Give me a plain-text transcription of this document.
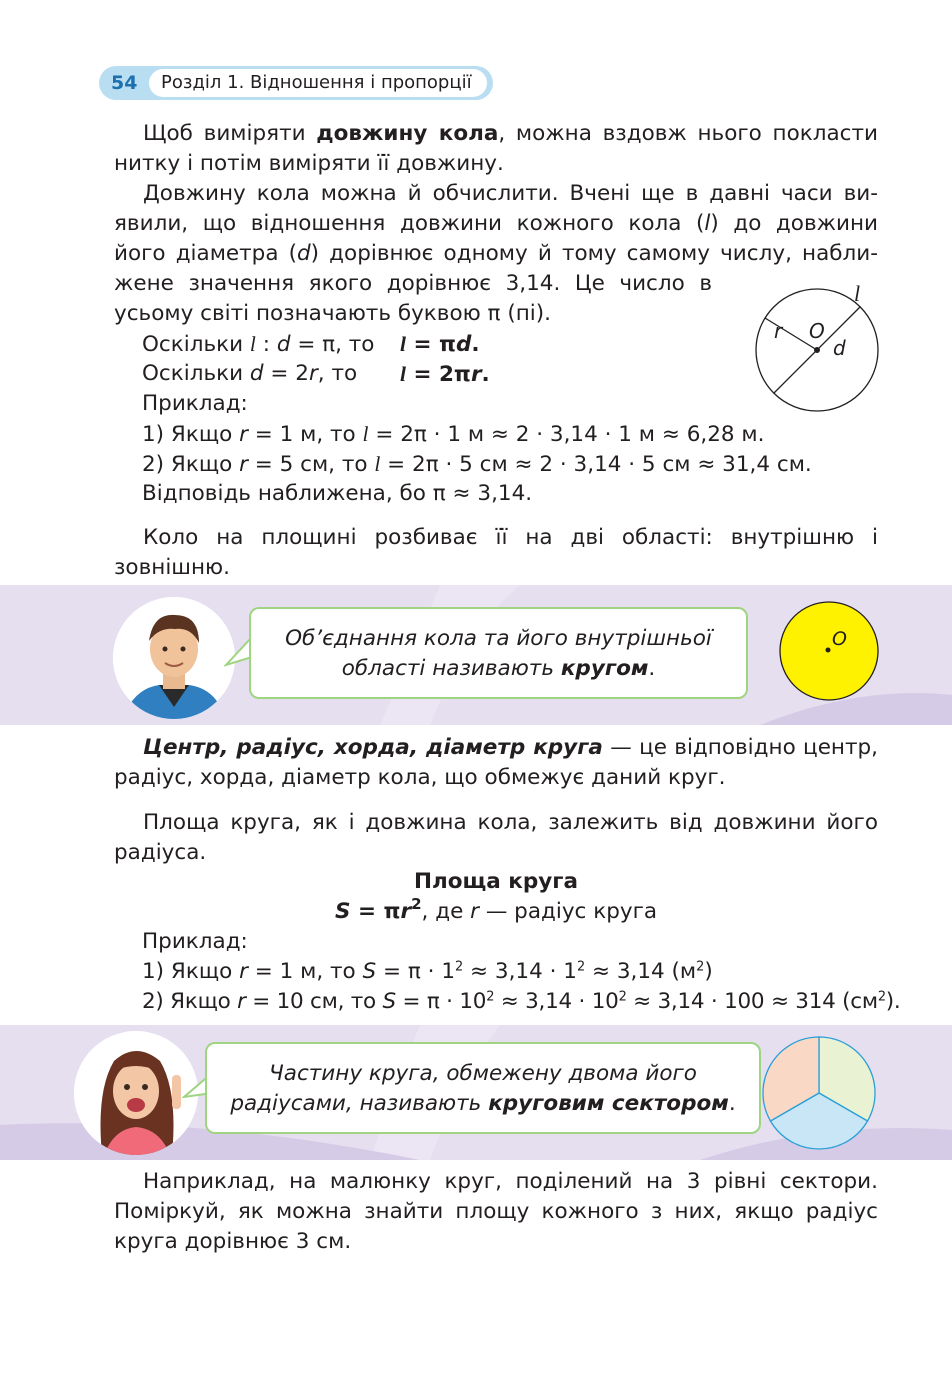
54	Розділ 1. Відношення і пропорції

Щоб виміряти довжину кола, можна вздовж нього покласти нитку і потім виміряти її довжину.

Довжину кола можна й обчислити. Вчені ще в давні часи ви-
явили, що відношення довжини кожного кола (l) до довжини
його діаметра (d) дорівнює одному й тому самому числу, набли-
жене значення якого дорівнює 3,14. Це число в
усьому світі позначають буквою π (пі).
l
r O
d
Оскільки l : d = π, то l = πd.
Оскільки d = 2r, то l = 2πr.
Приклад:
1) Якщо r = 1 м, то l = 2π · 1 м ≈ 2 · 3,14 · 1 м ≈ 6,28 м.
2) Якщо r = 5 см, то l = 2π · 5 см ≈ 2 · 3,14 · 5 см ≈ 31,4 см.
Відповідь наближена, бо π ≈ 3,14.

Коло на площині розбиває її на дві області: внутрішню і зовнішню.

Об’єднання кола та його внутрішньої
області називають кругом.
O

Центр, радіус, хорда, діаметр круга — це відповідно центр, радіус, хорда, діаметр кола, що обмежує даний круг.

Площа круга, як і довжина кола, залежить від довжини його радіуса.

Площа круга
$S = \pi r^2$, де r — радіус круга
Приклад:
1) Якщо r = 1 м, то $S = \pi \cdot 1^2 \approx 3,14 \cdot 1^2 \approx 3,14$ $(м^2)$
2) Якщо r = 10 см, то $S = \pi \cdot 10^2 \approx 3,14 \cdot 10^2 \approx 3,14 \cdot 100 \approx 314$ $(см^2)$.
Частину круга, обмежену двома його
радіусами, називають круговим сектором.

Наприклад, на малюнку круг, поділений на 3 рівні сектори. Поміркуй, як можна знайти площу кожного з них, якщо радіус круга дорівнює 3 см.
